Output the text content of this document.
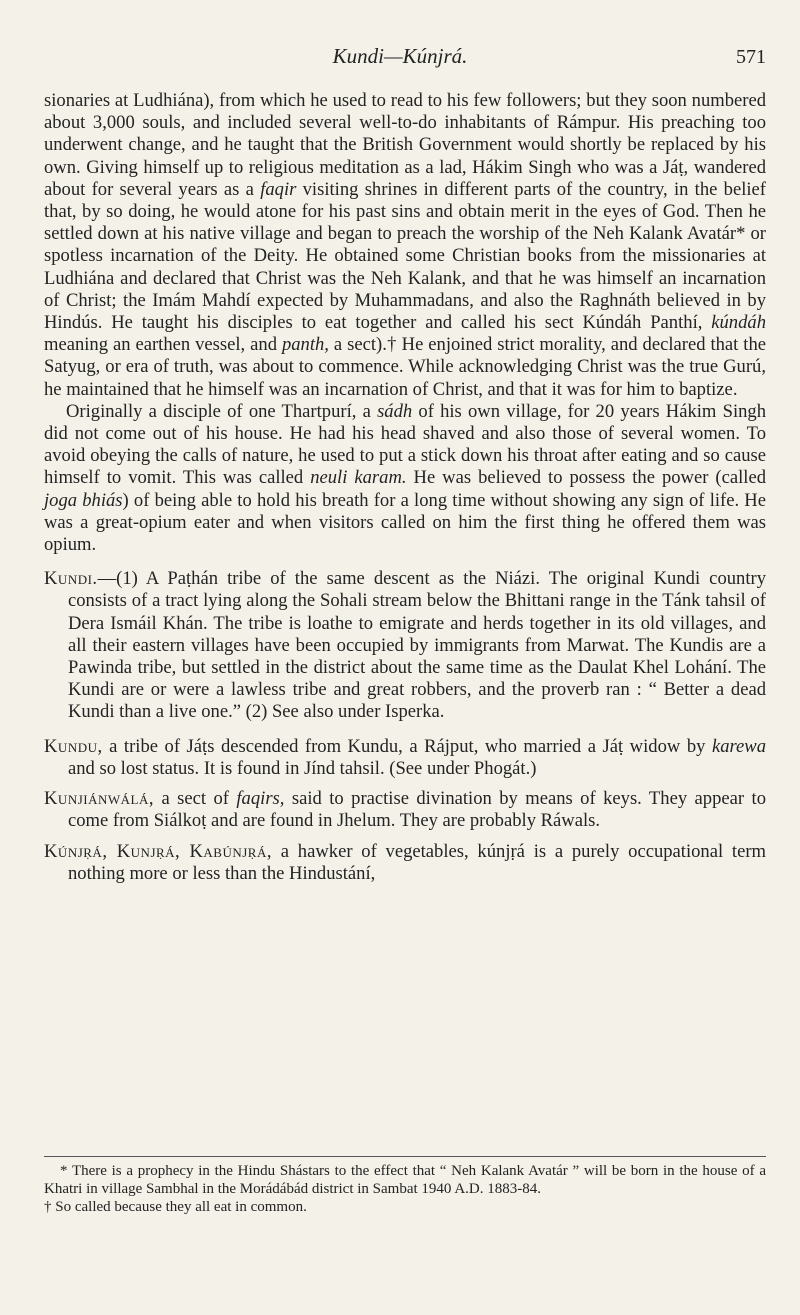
Kundi—Kúnjrá.	571

sionaries at Ludhiána), from which he used to read to his few followers; but they soon numbered about 3,000 souls, and included several well-to-do inhabitants of Rámpur. His preaching too underwent change, and he taught that the British Government would shortly be replaced by his own. Giving himself up to religious meditation as a lad, Hákim Singh who was a Jáṭ, wandered about for several years as a faqir visiting shrines in different parts of the country, in the belief that, by so doing, he would atone for his past sins and obtain merit in the eyes of God. Then he settled down at his native village and began to preach the worship of the Neh Kalank Avatár* or spotless incarnation of the Deity. He obtained some Christian books from the missionaries at Ludhiána and declared that Christ was the Neh Kalank, and that he was himself an incarnation of Christ; the Imám Mahdí expected by Muhammadans, and also the Raghnáth believed in by Hindús. He taught his disciples to eat together and called his sect Kúndáh Panthí, kúndáh meaning an earthen vessel, and panth, a sect).† He enjoined strict morality, and declared that the Satyug, or era of truth, was about to commence. While acknowledging Christ was the true Gurú, he maintained that he himself was an incarnation of Christ, and that it was for him to baptize.

Originally a disciple of one Thartpurí, a sádh of his own village, for 20 years Hákim Singh did not come out of his house. He had his head shaved and also those of several women. To avoid obeying the calls of nature, he used to put a stick down his throat after eating and so cause himself to vomit. This was called neuli karam. He was believed to possess the power (called joga bhiás) of being able to hold his breath for a long time without showing any sign of life. He was a great-opium eater and when visitors called on him the first thing he offered them was opium.

Kundi.—(1) A Paṭhán tribe of the same descent as the Niázi. The original Kundi country consists of a tract lying along the Sohali stream below the Bhittani range in the Tánk tahsil of Dera Ismáil Khán. The tribe is loathe to emigrate and herds together in its old villages, and all their eastern villages have been occupied by immigrants from Marwat. The Kundis are a Pawinda tribe, but settled in the district about the same time as the Daulat Khel Lohání. The Kundi are or were a lawless tribe and great robbers, and the proverb ran : “ Better a dead Kundi than a live one.” (2) See also under Isperka.

Kundu, a tribe of Jáṭs descended from Kundu, a Rájput, who married a Jáṭ widow by karewa and so lost status. It is found in Jínd tahsil. (See under Phogát.)

Kunjiánwálá, a sect of faqirs, said to practise divination by means of keys. They appear to come from Siálkoṭ and are found in Jhelum. They are probably Ráwals.

Kúnjṛá, Kunjṛá, Kabúnjṛá, a hawker of vegetables, kúnjṛá is a purely occupational term nothing more or less than the Hindustání,

* There is a prophecy in the Hindu Shástars to the effect that “ Neh Kalank Avatár ” will be born in the house of a Khatri in village Sambhal in the Morádábád district in Sambat 1940 A.D. 1883-84.

† So called because they all eat in common.
